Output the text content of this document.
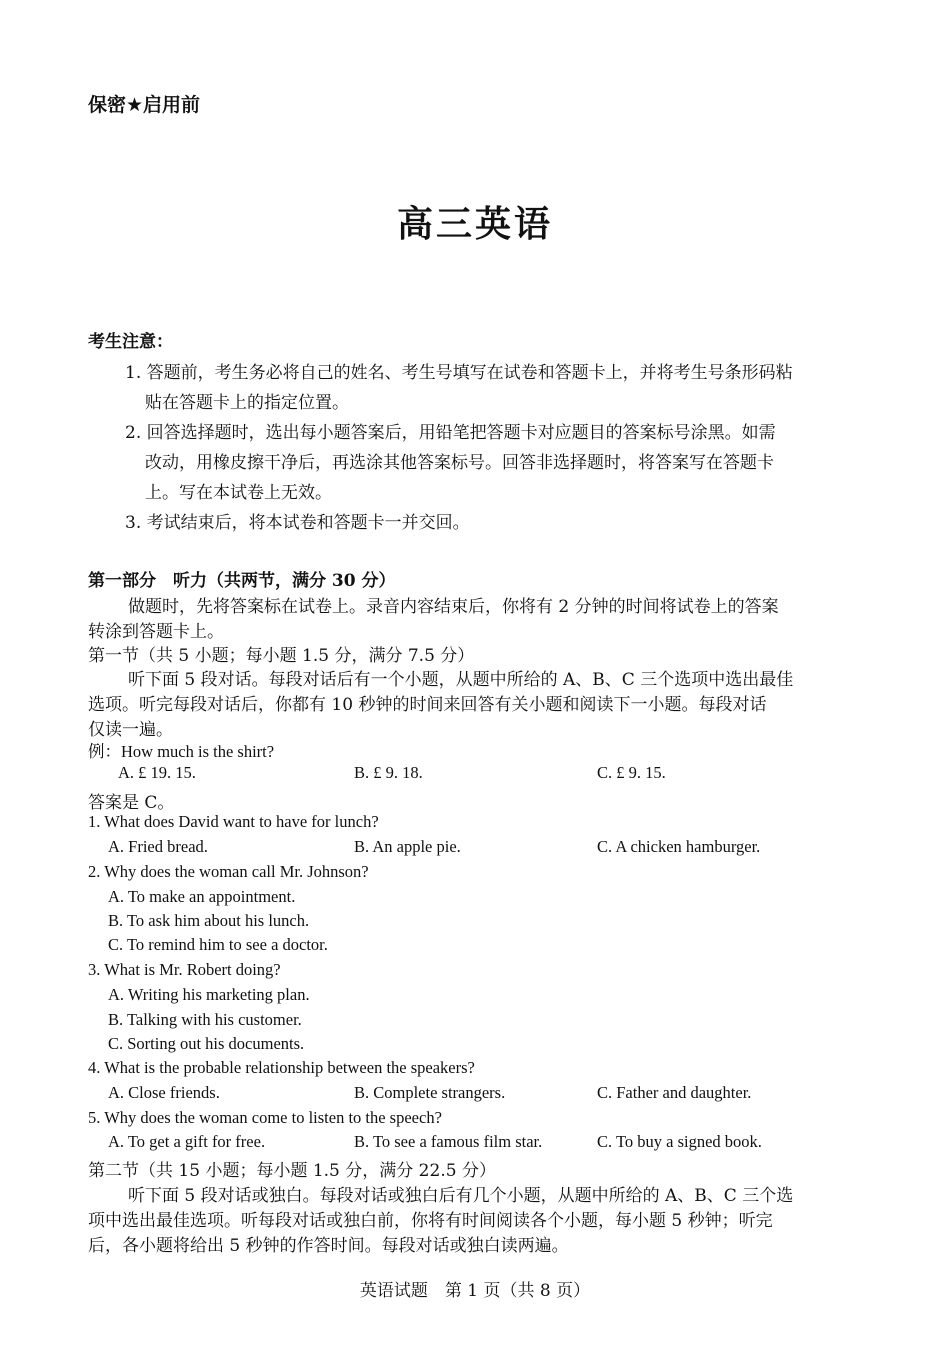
保密★启用前
高三英语
考生注意：
1. 答题前，考生务必将自己的姓名、考生号填写在试卷和答题卡上，并将考生号条形码粘
贴在答题卡上的指定位置。
2. 回答选择题时，选出每小题答案后，用铅笔把答题卡对应题目的答案标号涂黑。如需
改动，用橡皮擦干净后，再选涂其他答案标号。回答非选择题时，将答案写在答题卡
上。写在本试卷上无效。
3. 考试结束后，将本试卷和答题卡一并交回。
第一部分　听力（共两节，满分 30 分）
做题时，先将答案标在试卷上。录音内容结束后，你将有 2 分钟的时间将试卷上的答案
转涂到答题卡上。
第一节（共 5 小题；每小题 1.5 分，满分 7.5 分）
听下面 5 段对话。每段对话后有一个小题，从题中所给的 A、B、C 三个选项中选出最佳
选项。听完每段对话后，你都有 10 秒钟的时间来回答有关小题和阅读下一小题。每段对话
仅读一遍。
例：How much is the shirt?
A. £ 19. 15.	B. £ 9. 18.	C. £ 9. 15.
答案是 C。
1. What does David want to have for lunch?
A. Fried bread.	B. An apple pie.	C. A chicken hamburger.
2. Why does the woman call Mr. Johnson?
A. To make an appointment.
B. To ask him about his lunch.
C. To remind him to see a doctor.
3. What is Mr. Robert doing?
A. Writing his marketing plan.
B. Talking with his customer.
C. Sorting out his documents.
4. What is the probable relationship between the speakers?
A. Close friends.	B. Complete strangers.	C. Father and daughter.
5. Why does the woman come to listen to the speech?
A. To get a gift for free.	B. To see a famous film star.	C. To buy a signed book.
第二节（共 15 小题；每小题 1.5 分，满分 22.5 分）
听下面 5 段对话或独白。每段对话或独白后有几个小题，从题中所给的 A、B、C 三个选
项中选出最佳选项。听每段对话或独白前，你将有时间阅读各个小题，每小题 5 秒钟；听完
后，各小题将给出 5 秒钟的作答时间。每段对话或独白读两遍。
英语试题　第 1 页（共 8 页）
